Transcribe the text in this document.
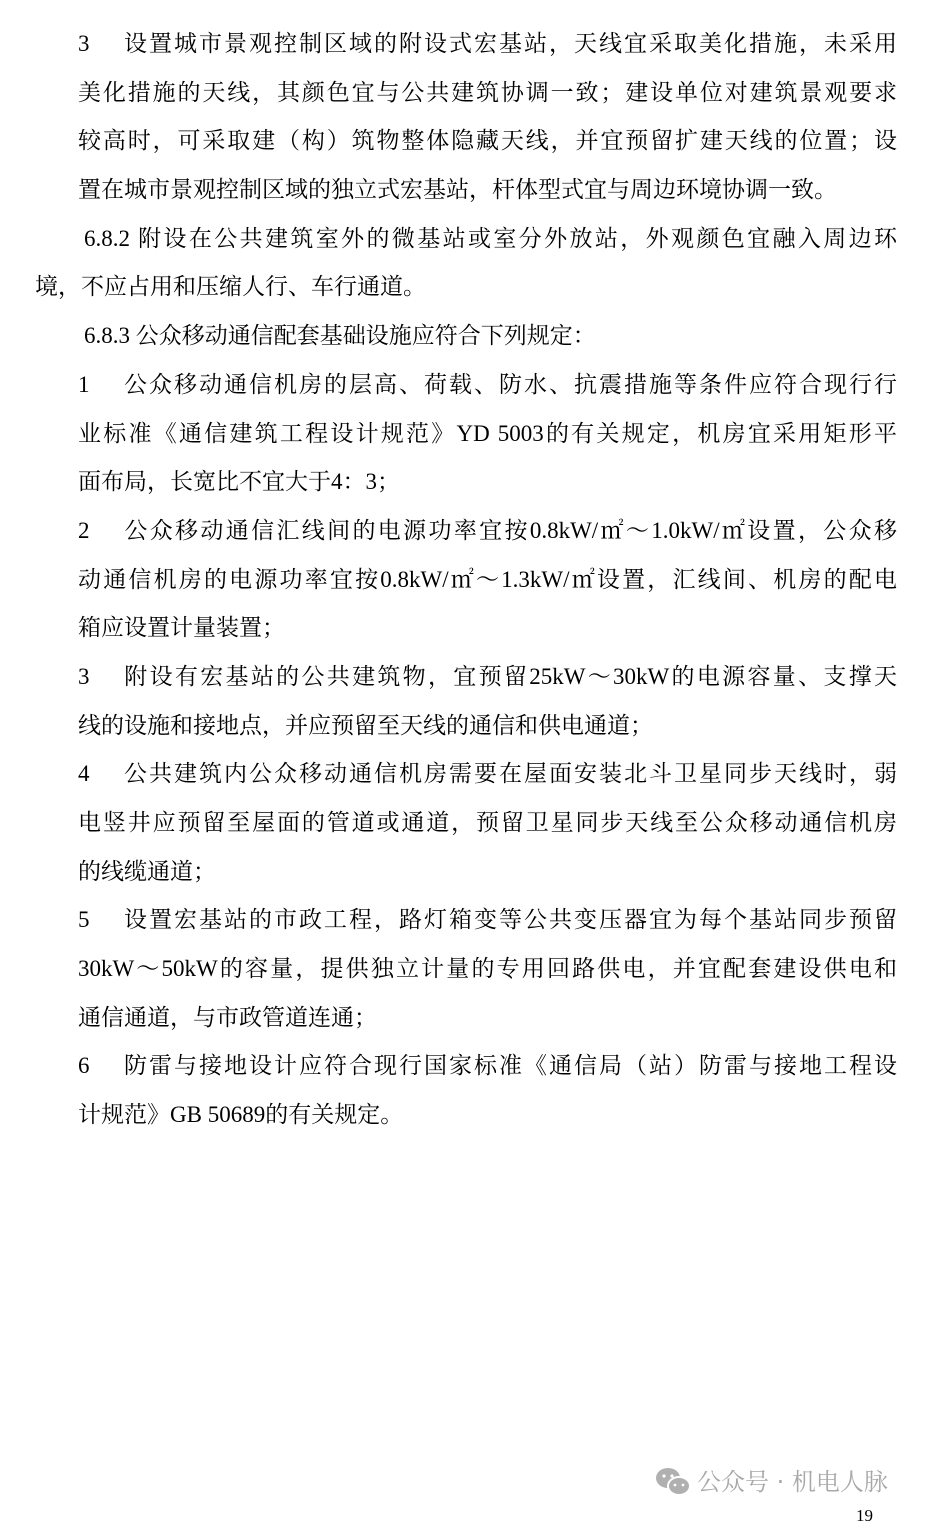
3 设置城市景观控制区域的附设式宏基站，天线宜采取美化措施，未采用
美化措施的天线，其颜色宜与公共建筑协调一致；建设单位对建筑景观要求
较高时，可采取建（构）筑物整体隐藏天线，并宜预留扩建天线的位置；设
置在城市景观控制区域的独立式宏基站，杆体型式宜与周边环境协调一致。
6.8.2 附设在公共建筑室外的微基站或室分外放站，外观颜色宜融入周边环
境，不应占用和压缩人行、车行通道。
6.8.3 公众移动通信配套基础设施应符合下列规定：
1 公众移动通信机房的层高、荷载、防水、抗震措施等条件应符合现行行
业标准《通信建筑工程设计规范》YD 5003的有关规定，机房宜采用矩形平
面布局，长宽比不宜大于4：3；
2 公众移动通信汇线间的电源功率宜按0.8kW/㎡～1.0kW/㎡设置，公众移
动通信机房的电源功率宜按0.8kW/㎡～1.3kW/㎡设置，汇线间、机房的配电
箱应设置计量装置；
3 附设有宏基站的公共建筑物，宜预留25kW～30kW的电源容量、支撑天
线的设施和接地点，并应预留至天线的通信和供电通道；
4 公共建筑内公众移动通信机房需要在屋面安装北斗卫星同步天线时，弱
电竖井应预留至屋面的管道或通道，预留卫星同步天线至公众移动通信机房
的线缆通道；
5 设置宏基站的市政工程，路灯箱变等公共变压器宜为每个基站同步预留
30kW～50kW的容量，提供独立计量的专用回路供电，并宜配套建设供电和
通信通道，与市政管道连通；
6 防雷与接地设计应符合现行国家标准《通信局（站）防雷与接地工程设
计规范》GB 50689的有关规定。
公众号 · 机电人脉
19
